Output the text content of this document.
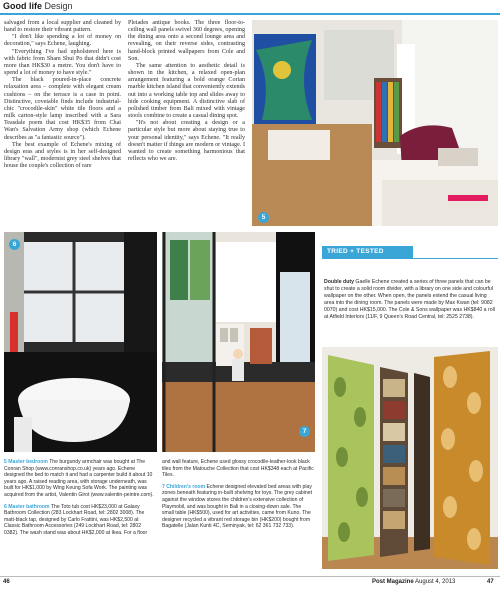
Good life Design

salvaged from a local supplier and cleaned by hand to restore their vibrant pattern.

"I don't like spending a lot of money on decoration," says Echene, laughing.

"Everything I've had upholstered here is with fabric from Sham Shui Po that didn't cost more than HK$30 a metre. You don't have to spend a lot of money to have style."

The black poured-in-place concrete relaxation area – complete with elegant cream cushions – on the terrace is a case in point. Distinctive, covetable finds include industrial-chic "crocodile-skin" white tile floors and a milk carton-style lamp inscribed with a Sara Teasdale poem that cost HK$35 from Chai Wan's Salvation Army shop (which Echene describes as "a fantastic source").

The best example of Echene's mixing of design eras and styles is in her self-designed library "wall", modernist grey steel shelves that house the couple's collection of rare

Pleiades antique books. The three floor-to-ceiling wall panels swivel 360 degrees, opening the dining area onto a second lounge area and revealing, on their reverse sides, contrasting hand-block printed wallpapers from Cole and Son.

The same attention to aesthetic detail is shown in the kitchen, a relaxed open-plan arrangement featuring a bold orange Corian marble kitchen island that conveniently extends out into a working table top and slides away to hide cooking equipment. A distinctive slab of polished timber from Bali mixed with vintage stools combine to create a casual dining spot.

"It's not about creating a design or a particular style but more about staying true to your personal identity," says Echene. "It really doesn't matter if things are modern or vintage. I wanted to create something harmonious that reflects who we are.

5
6
7
TRIED + TESTED
Double duty Gaelle Echene created a series of three panels that can be shut to create a solid room divider, with a library on one side and colourful wallpaper on the other. When open, the panels extend the casual living area into the dining room. The panels were made by Max Kwan (tel: 9082 0070) and cost HK$15,000. The Cole & Sons wallpaper was HK$840 a roll at Atfield Interiors (11/F, 9 Queen's Road Central, tel: 2525 2738).

5 Master bedroom The burgundy armchair was bought at The Conran Shop (www.conranshop.co.uk) years ago. Echene designed the bed to match it and had a carpenter build it about 10 years ago. A raised reading area, with storage underneath, was built for HK$1,000 by Wing Keung Sofa Work. The painting was acquired from the artist, Valentin Girot (www.valentin-peintre.com).

6 Master bathroom The Toto tub cost HK$23,000 at Galaxy Bathroom Collection (283 Lockhart Road, tel: 2802 3008). The matt-black tap, designed by Carlo Frattini, was HK$2,500 at Classic Bathroom Accessories (249 Lockhart Road, tel: 2802 0382). The wash stand was about HK$2,000 at Ikea. For a floor

and wall feature, Echene used glossy crocodile-leather-look black tiles from the Matouche Collection that cost HK$348 each at Pacific Tiles.

7 Children's room Echene designed elevated bed areas with play zones beneath featuring in-built shelving for toys. The grey cabinet against the window stores the children's extensive collection of Playmobil, and was bought in Bali in a closing-down sale. The small table (HK$500), used for art activities, came from Kuno. The designer recycled a vibrant red storage bin (HK$200) bought from Bagatelle (Jalan Kunti 4C, Seminyak, tel: 62 361 732 733).

46	Post Magazine August 4, 2013	47
